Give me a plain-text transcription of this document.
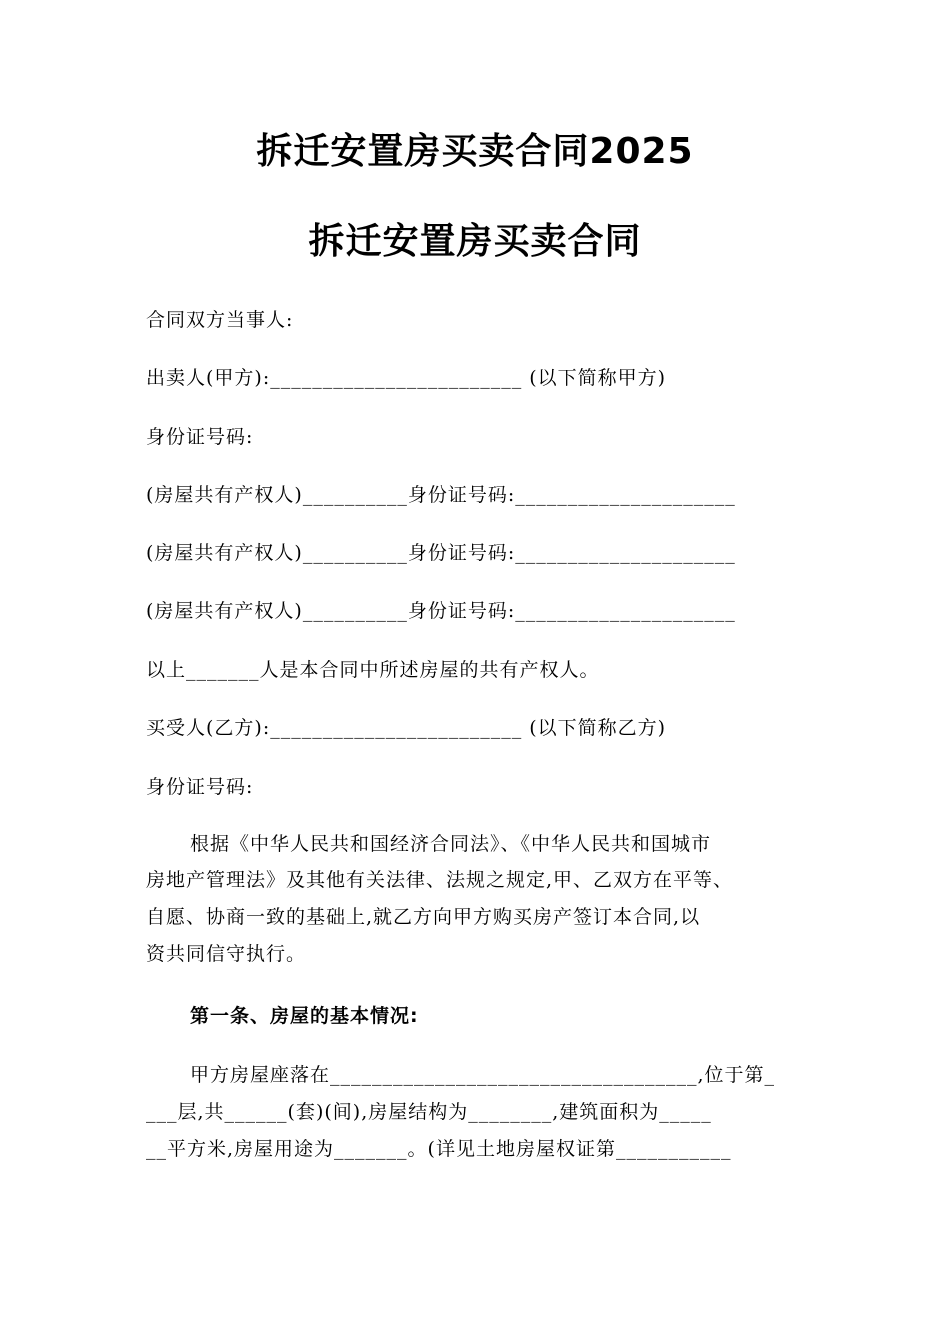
拆迁安置房买卖合同2025
拆迁安置房买卖合同

合同双方当事人:

出卖人(甲方):________________________ (以下简称甲方)

身份证号码:

(房屋共有产权人)__________身份证号码:_____________________

(房屋共有产权人)__________身份证号码:_____________________

(房屋共有产权人)__________身份证号码:_____________________

以上_______人是本合同中所述房屋的共有产权人。

买受人(乙方):________________________ (以下简称乙方)

身份证号码:

根据《中华人民共和国经济合同法》、《中华人民共和国城市

房地产管理法》及其他有关法律、法规之规定,甲、乙双方在平等、

自愿、协商一致的基础上,就乙方向甲方购买房产签订本合同,以

资共同信守执行。

第一条、房屋的基本情况:

甲方房屋座落在___________________________________,位于第_

___层,共______(套)(间),房屋结构为________,建筑面积为_____

__平方米,房屋用途为_______。(详见土地房屋权证第___________
